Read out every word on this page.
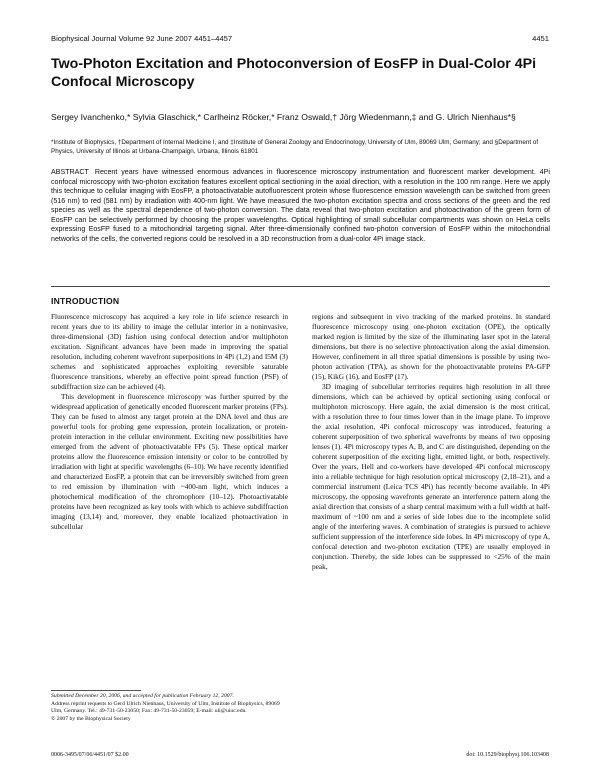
Biophysical Journal Volume 92 June 2007 4451–4457	4451
Two-Photon Excitation and Photoconversion of EosFP in Dual-Color 4Pi Confocal Microscopy
Sergey Ivanchenko,* Sylvia Glaschick,* Carlheinz Röcker,* Franz Oswald,† Jörg Wiedenmann,‡ and G. Ulrich Nienhaus*§
*Institute of Biophysics, †Department of Internal Medicine I, and ‡Institute of General Zoology and Endocrinology, University of Ulm, 89069 Ulm, Germany; and §Department of Physics, University of Illinois at Urbana-Champaign, Urbana, Illinois 61801
ABSTRACT Recent years have witnessed enormous advances in fluorescence microscopy instrumentation and fluorescent marker development. 4Pi confocal microscopy with two-photon excitation features excellent optical sectioning in the axial direction, with a resolution in the 100 nm range. Here we apply this technique to cellular imaging with EosFP, a photoactivatable autofluorescent protein whose fluorescence emission wavelength can be switched from green (516 nm) to red (581 nm) by irradiation with 400-nm light. We have measured the two-photon excitation spectra and cross sections of the green and the red species as well as the spectral dependence of two-photon conversion. The data reveal that two-photon excitation and photoactivation of the green form of EosFP can be selectively performed by choosing the proper wavelengths. Optical highlighting of small subcellular compartments was shown on HeLa cells expressing EosFP fused to a mitochondrial targeting signal. After three-dimensionally confined two-photon conversion of EosFP within the mitochondrial networks of the cells, the converted regions could be resolved in a 3D reconstruction from a dual-color 4Pi image stack.
INTRODUCTION

Fluorescence microscopy has acquired a key role in life science research in recent years due to its ability to image the cellular interior in a noninvasive, three-dimensional (3D) fashion using confocal detection and/or multiphoton excitation. Significant advances have been made in improving the spatial resolution, including coherent wavefront superpositions in 4Pi (1,2) and I5M (3) schemes and sophisticated approaches exploiting reversible saturable fluorescence transitions, whereby an effective point spread function (PSF) of subdiffraction size can be achieved (4).

This development in fluorescence microscopy was further spurred by the widespread application of genetically encoded fluorescent marker proteins (FPs). They can be fused to almost any target protein at the DNA level and thus are powerful tools for probing gene expression, protein localization, or protein-protein interaction in the cellular environment. Exciting new possibilities have emerged from the advent of photoactivatable FPs (5). These optical marker proteins allow the fluorescence emission intensity or color to be controlled by irradiation with light at specific wavelengths (6–10). We have recently identified and characterized EosFP, a protein that can be irreversibly switched from green to red emission by illumination with ~400-nm light, which induces a photochemical modification of the chromophore (10–12). Photoactivatable proteins have been recognized as key tools with which to achieve subdiffraction imaging (13,14) and, moreover, they enable localized photoactivation in subcellular

regions and subsequent in vivo tracking of the marked proteins. In standard fluorescence microscopy using one-photon excitation (OPE), the optically marked region is limited by the size of the illuminating laser spot in the lateral dimensions, but there is no selective photoactivation along the axial dimension. However, confinement in all three spatial dimensions is possible by using two-photon activation (TPA), as shown for the photoactivatable proteins PA-GFP (15), KikG (16), and EosFP (17).

3D imaging of subcellular territories requires high resolution in all three dimensions, which can be achieved by optical sectioning using confocal or multiphoton microscopy. Here again, the axial dimension is the most critical, with a resolution three to four times lower than in the image plane. To improve the axial resolution, 4Pi confocal microscopy was introduced, featuring a coherent superposition of two spherical wavefronts by means of two opposing lenses (1). 4Pi microscopy types A, B, and C are distinguished, depending on the coherent superposition of the exciting light, emitted light, or both, respectively. Over the years, Hell and co-workers have developed 4Pi confocal microscopy into a reliable technique for high resolution optical microscopy (2,18–21), and a commercial instrument (Leica TCS 4Pi) has recently become available. In 4Pi microscopy, the opposing wavefronts generate an interference pattern along the axial direction that consists of a sharp central maximum with a full width at half-maximum of ~100 nm and a series of side lobes due to the incomplete solid angle of the interfering waves. A combination of strategies is pursued to achieve sufficient suppression of the interference side lobes. In 4Pi microscopy of type A, confocal detection and two-photon excitation (TPE) are usually employed in conjunction. Thereby, the side lobes can be suppressed to <25% of the main peak,

Submitted December 20, 2006, and accepted for publication February 12, 2007.
Address reprint requests to Gerd Ulrich Nienhaus, University of Ulm, Institute of Biophysics, 89069 Ulm, Germany. Tel.: 49-731-50-23050; Fax: 49-731-50-23059; E-mail: uli@uiuc.edu.
© 2007 by the Biophysical Society
0006-3495/07/06/4451/07 $2.00	doi: 10.1529/biophysj.106.103408
